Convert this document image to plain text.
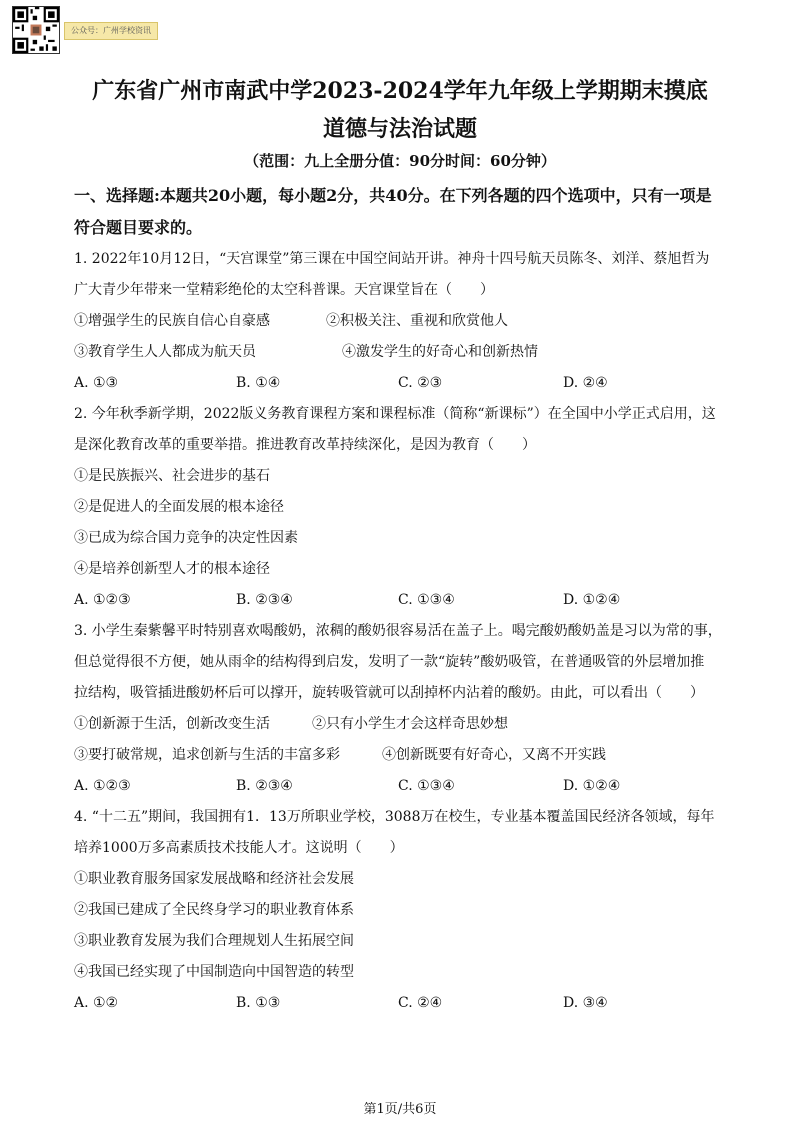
公众号：广州学校资讯
广东省广州市南武中学2023-2024学年九年级上学期期末摸底
道德与法治试题
（范围：九上全册分值：90分时间：60分钟）
一、选择题:本题共20小题，每小题2分，共40分。在下列各题的四个选项中，只有一项是
符合题目要求的。
1. 2022年10月12日，“天宫课堂”第三课在中国空间站开讲。神舟十四号航天员陈冬、刘洋、蔡旭哲为
广大青少年带来一堂精彩绝伦的太空科普课。天宫课堂旨在（　　）
①增强学生的民族自信心自豪感	②积极关注、重视和欣赏他人
③教育学生人人都成为航天员	④激发学生的好奇心和创新热情
A. ①③	B. ①④	C. ②③	D. ②④
2. 今年秋季新学期，2022版义务教育课程方案和课程标准（简称“新课标”）在全国中小学正式启用，这
是深化教育改革的重要举措。推进教育改革持续深化，是因为教育（　　）
①是民族振兴、社会进步的基石
②是促进人的全面发展的根本途径
③已成为综合国力竞争的决定性因素
④是培养创新型人才的根本途径
A. ①②③	B. ②③④	C. ①③④	D. ①②④
3. 小学生秦紫馨平时特别喜欢喝酸奶，浓稠的酸奶很容易活在盖子上。喝完酸奶酸奶盖是习以为常的事，
但总觉得很不方便，她从雨伞的结构得到启发，发明了一款“旋转”酸奶吸管，在普通吸管的外层增加推
拉结构，吸管插进酸奶杯后可以撑开，旋转吸管就可以刮掉杯内沾着的酸奶。由此，可以看出（　　）
①创新源于生活，创新改变生活	②只有小学生才会这样奇思妙想
③要打破常规，追求创新与生活的丰富多彩	④创新既要有好奇心，又离不开实践
A. ①②③	B. ②③④	C. ①③④	D. ①②④
4. “十二五”期间，我国拥有1．13万所职业学校，3088万在校生，专业基本覆盖国民经济各领域，每年
培养1000万多高素质技术技能人才。这说明（　　）
①职业教育服务国家发展战略和经济社会发展
②我国已建成了全民终身学习的职业教育体系
③职业教育发展为我们合理规划人生拓展空间
④我国已经实现了中国制造向中国智造的转型
A. ①②	B. ①③	C. ②④	D. ③④
第1页/共6页
